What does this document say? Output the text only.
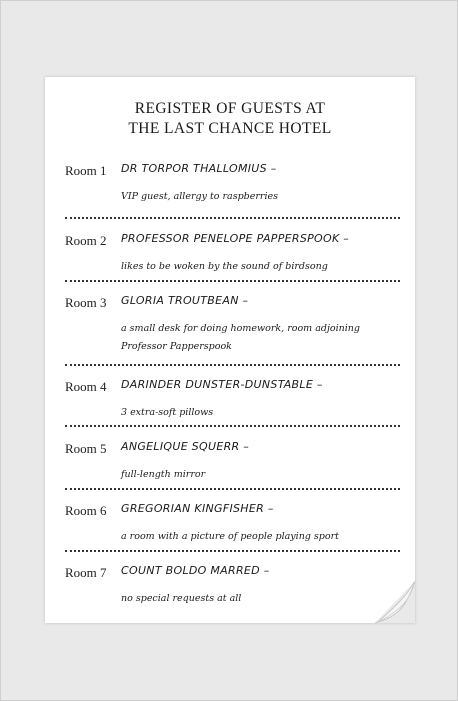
REGISTER OF GUESTS AT
THE LAST CHANCE HOTEL
Room 1 DR TORPOR THALLOMIUS –
VIP guest, allergy to raspberries
Room 2 PROFESSOR PENELOPE PAPPERSPOOK –
likes to be woken by the sound of birdsong
Room 3 GLORIA TROUTBEAN –
a small desk for doing homework, room adjoining Professor Papperspook
Room 4 DARINDER DUNSTER-DUNSTABLE –
3 extra-soft pillows
Room 5 ANGELIQUE SQUERR –
full-length mirror
Room 6 GREGORIAN KINGFISHER –
a room with a picture of people playing sport
Room 7 COUNT BOLDO MARRED –
no special requests at all
